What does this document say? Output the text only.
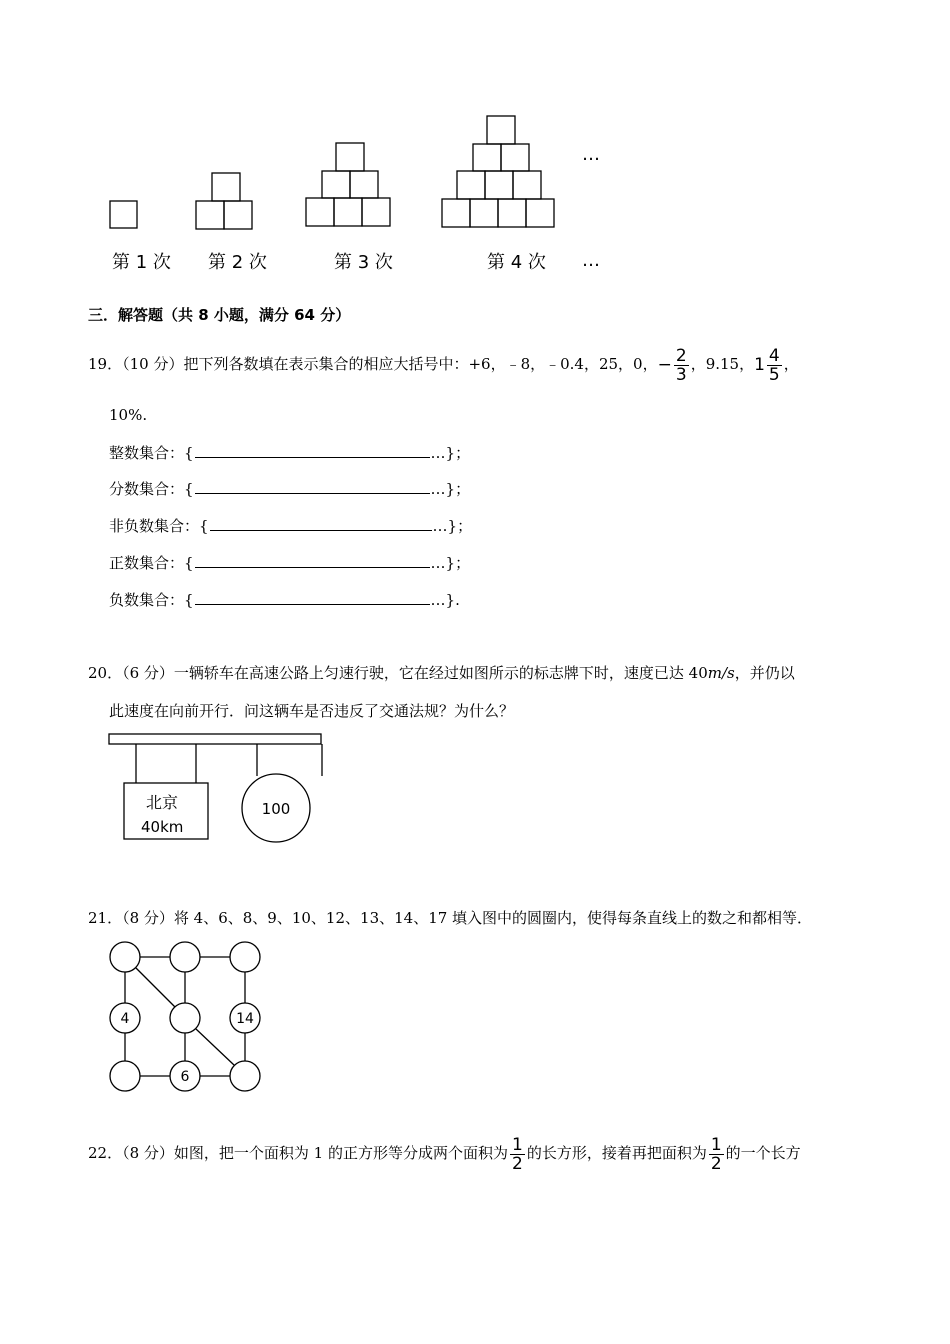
…
第 1 次 第 2 次	第 3 次	第 4 次 …
三．解答题（共 8 小题，满分 64 分）
19．（10 分）把下列各数填在表示集合的相应大括号中：+6，﹣8，﹣0.4，25，0，− $\frac{2}{3}$ ，9.15，$1 \frac{4}{5}$ ，
10%.
整数集合：{	…}；
分数集合：{	…}；
非负数集合：{	…}；
正数集合：{	…}；
负数集合：{	…}.
20．（6 分）一辆轿车在高速公路上匀速行驶，它在经过如图所示的标志牌下时，速度已达 40m/s，并仍以
此速度在向前开行．问这辆车是否违反了交通法规？为什么？
北京
40km
100
21．（8 分）将 4、6、8、9、10、12、13、14、17 填入图中的圆圈内，使得每条直线上的数之和都相等．
4	14
6
22．（8 分）如图，把一个面积为 1 的正方形等分成两个面积为 $\frac{1}{2}$ 的长方形，接着再把面积为 $\frac{1}{2}$ 的一个长方
